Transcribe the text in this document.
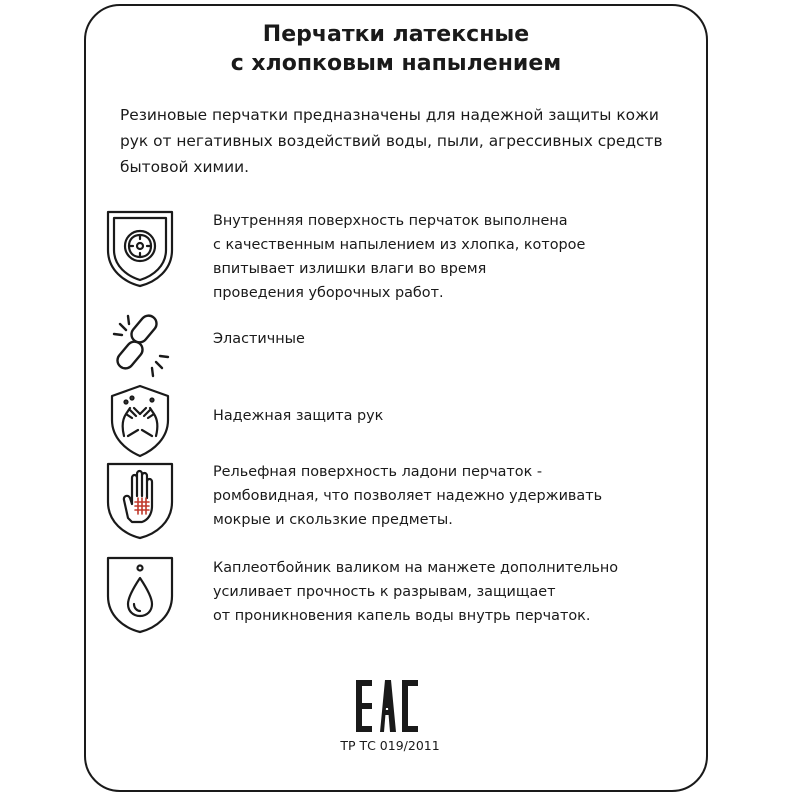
Перчатки латексные
с хлопковым напылением

Резиновые перчатки предназначены для надежной защиты кожи
рук от негативных воздействий воды, пыли, агрессивных средств
бытовой химии.

Внутренняя поверхность перчаток выполнена
с качественным напылением из хлопка, которое
впитывает излишки влаги во время
проведения уборочных работ.

Эластичные

Надежная защита рук

Рельефная поверхность ладони перчаток -
ромбовидная, что позволяет надежно удерживать
мокрые и скользкие предметы.

Каплеотбойник валиком на манжете дополнительно
усиливает прочность к разрывам, защищает
от проникновения капель воды внутрь перчаток.

ТР ТС 019/2011
